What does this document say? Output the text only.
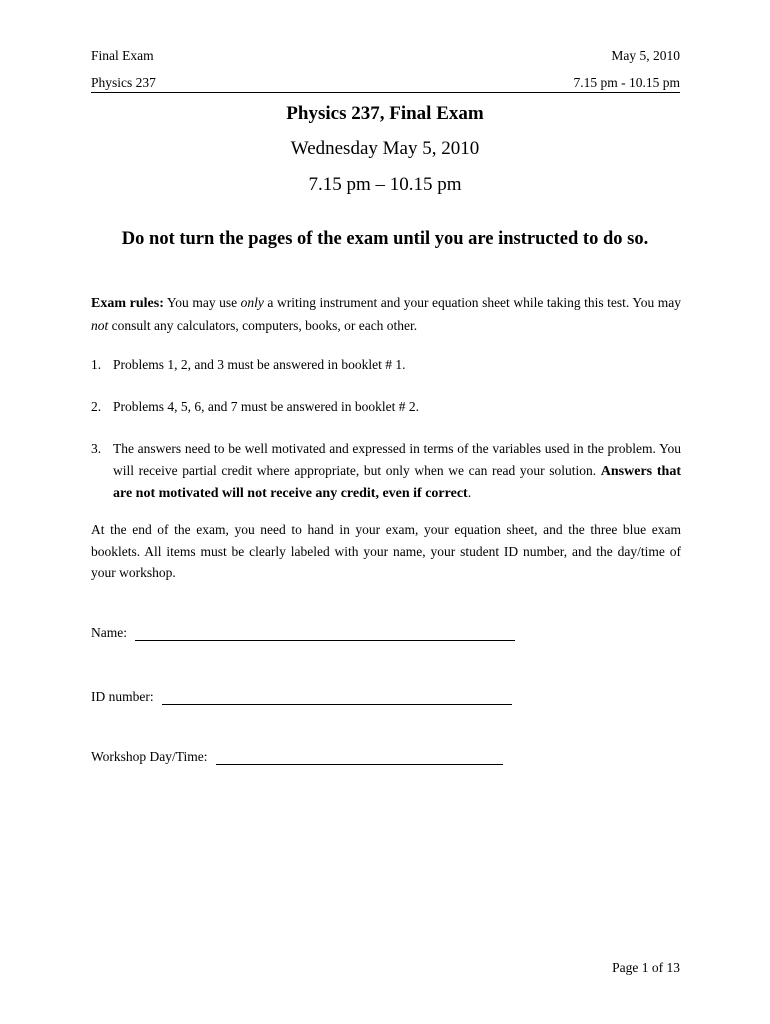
Final Exam	May 5, 2010
Physics 237	7.15 pm - 10.15 pm
Physics 237, Final Exam
Wednesday May 5, 2010
7.15 pm – 10.15 pm
Do not turn the pages of the exam until you are instructed to do so.
Exam rules: You may use only a writing instrument and your equation sheet while taking this test. You may not consult any calculators, computers, books, or each other.
1. Problems 1, 2, and 3 must be answered in booklet # 1.
2. Problems 4, 5, 6, and 7 must be answered in booklet # 2.
3. The answers need to be well motivated and expressed in terms of the variables used in the problem. You will receive partial credit where appropriate, but only when we can read your solution. Answers that are not motivated will not receive any credit, even if correct.
At the end of the exam, you need to hand in your exam, your equation sheet, and the three blue exam booklets. All items must be clearly labeled with your name, your student ID number, and the day/time of your workshop.
Name:
ID number:
Workshop Day/Time:
Page 1 of 13
